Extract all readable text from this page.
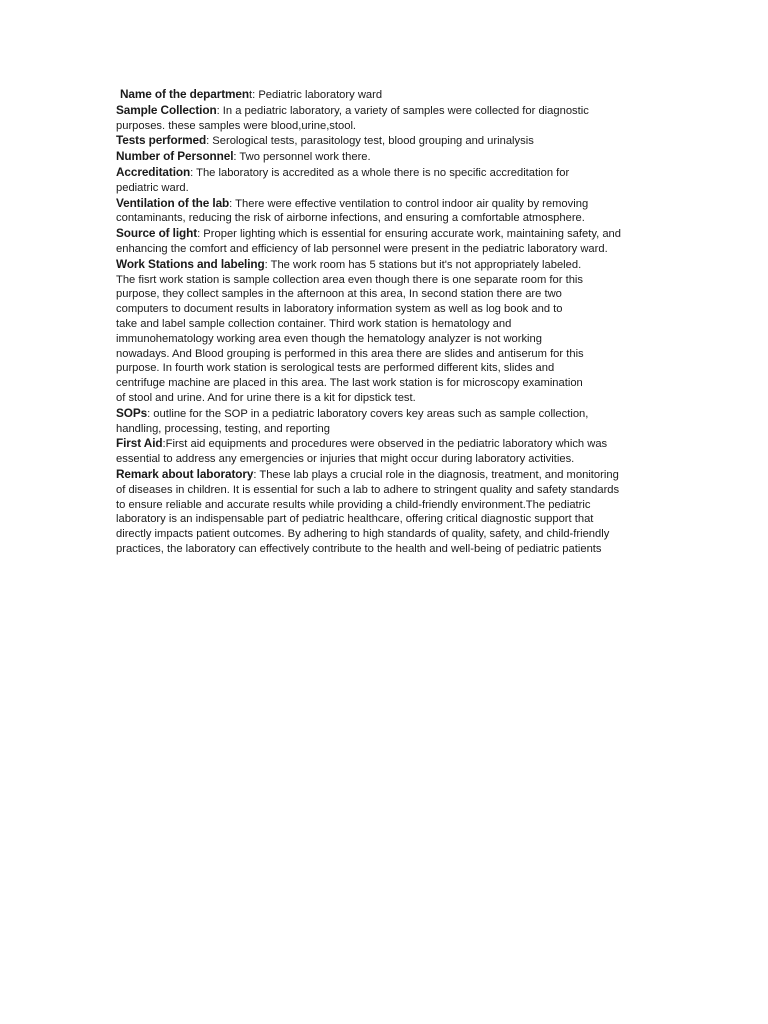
Name of the department: Pediatric laboratory ward
Sample Collection: In a pediatric laboratory, a variety of samples were collected for diagnostic
purposes. these samples were blood,urine,stool.
Tests performed: Serological tests, parasitology test, blood grouping and urinalysis
Number of Personnel: Two personnel work there.
Accreditation: The laboratory is accredited as a whole there is no specific accreditation for
pediatric ward.
Ventilation of the lab: There were effective ventilation to control indoor air quality by removing
contaminants, reducing the risk of airborne infections, and ensuring a comfortable atmosphere.
Source of light: Proper lighting which is essential for ensuring accurate work, maintaining safety, and
enhancing the comfort and efficiency of lab personnel were present in the pediatric laboratory ward.
Work Stations and labeling: The work room has 5 stations but it's not appropriately labeled.
The fisrt work station is sample collection area even though there is one separate room for this
purpose, they collect samples in the afternoon at this area, In second station there are two
computers to document results in laboratory information system as well as log book and to
take and label sample collection container. Third work station is hematology and
immunohematology working area even though the hematology analyzer is not working
nowadays. And Blood grouping is performed in this area there are slides and antiserum for this
purpose. In fourth work station is serological tests are performed different kits, slides and
centrifuge machine are placed in this area. The last work station is for microscopy examination
of stool and urine. And for urine there is a kit for dipstick test.
SOPs: outline for the SOP in a pediatric laboratory covers key areas such as sample collection,
handling, processing, testing, and reporting
First Aid:First aid equipments and procedures were observed in the pediatric laboratory which was
essential to address any emergencies or injuries that might occur during laboratory activities.
Remark about laboratory: These lab plays a crucial role in the diagnosis, treatment, and monitoring
of diseases in children. It is essential for such a lab to adhere to stringent quality and safety standards
to ensure reliable and accurate results while providing a child-friendly environment.The pediatric
laboratory is an indispensable part of pediatric healthcare, offering critical diagnostic support that
directly impacts patient outcomes. By adhering to high standards of quality, safety, and child-friendly
practices, the laboratory can effectively contribute to the health and well-being of pediatric patients
